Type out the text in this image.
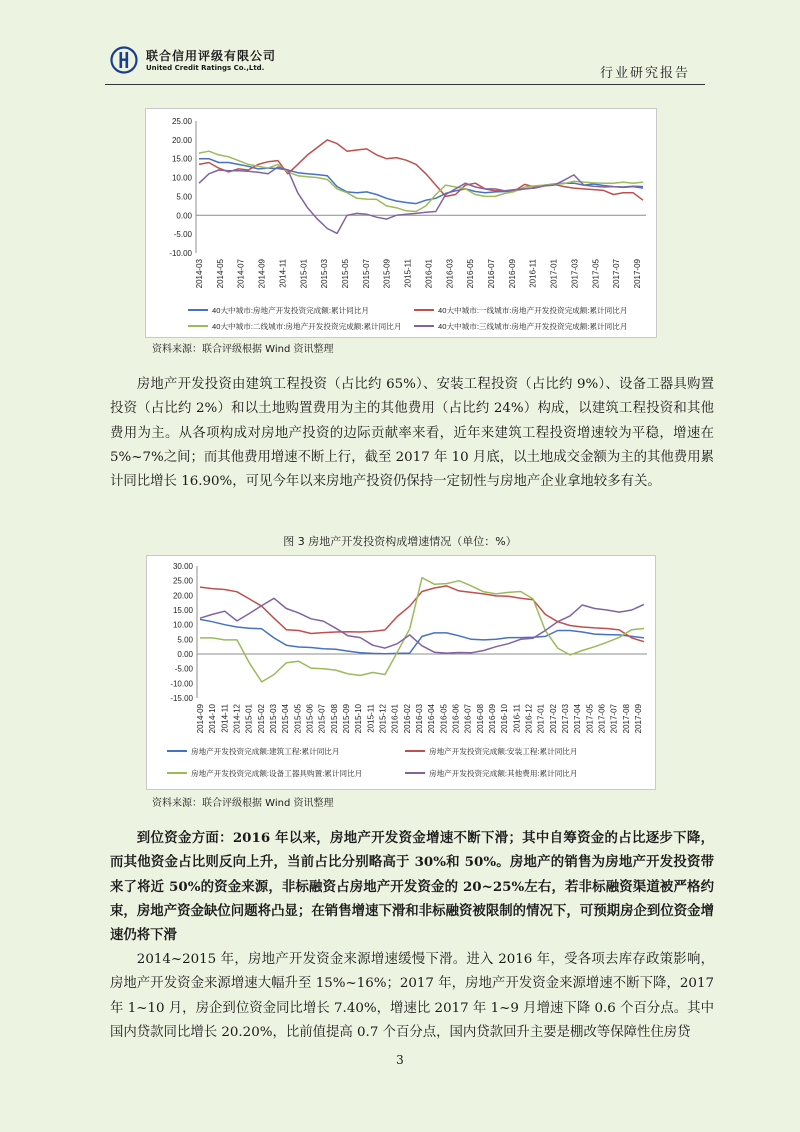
联合信用评级有限公司
United Credit Ratings Co.,Ltd.	行业研究报告
25.00
20.00
15.00
10.00
5.00
0.00
-5.00
-10.00
2014-03 2014-05 2014-07 2014-09 2014-11 2015-01 2015-03 2015-05 2015-07 2015-09 2015-11 2016-01 2016-03 2016-05 2016-07 2016-09 2016-11 2017-01 2017-03 2017-05 2017-07 2017-09
40大中城市:房地产开发投资完成额:累计同比月	40大中城市:一线城市:房地产开发投资完成额:累计同比月
40大中城市:二线城市:房地产开发投资完成额:累计同比月	40大中城市:三线城市:房地产开发投资完成额:累计同比月
资料来源：联合评级根据 Wind 资讯整理
房地产开发投资由建筑工程投资（占比约 65%）、安装工程投资（占比约 9%）、设备工器具购置投资（占比约 2%）和以土地购置费用为主的其他费用（占比约 24%）构成，以建筑工程投资和其他费用为主。从各项构成对房地产投资的边际贡献率来看，近年来建筑工程投资增速较为平稳，增速在 5%~7%之间；而其他费用增速不断上行，截至 2017 年 10 月底，以土地成交金额为主的其他费用累计同比增长 16.90%，可见今年以来房地产投资仍保持一定韧性与房地产企业拿地较多有关。
图 3 房地产开发投资构成增速情况（单位：%）
30.00
25.00
20.00
15.00
10.00
5.00
0.00
-5.00
-10.00
-15.00
2014-09 2014-10 2014-11 2014-12 2015-01 2015-02 2015-03 2015-04 2015-05 2015-06 2015-07 2015-08 2015-09 2015-10 2015-11 2015-12 2016-01 2016-02 2016-03 2016-04 2016-05 2016-06 2016-07 2016-08 2016-09 2016-10 2016-11 2016-12 2017-01 2017-02 2017-03 2017-04 2017-05 2017-06 2017-07 2017-08 2017-09
房地产开发投资完成额:建筑工程:累计同比月	房地产开发投资完成额:安装工程:累计同比月
房地产开发投资完成额:设备工器具购置:累计同比月	房地产开发投资完成额:其他费用:累计同比月
资料来源：联合评级根据 Wind 资讯整理
到位资金方面：2016 年以来，房地产开发资金增速不断下滑；其中自筹资金的占比逐步下降，而其他资金占比则反向上升，当前占比分别略高于 30%和 50%。房地产的销售为房地产开发投资带来了将近 50%的资金来源，非标融资占房地产开发资金的 20~25%左右，若非标融资渠道被严格约束，房地产资金缺位问题将凸显；在销售增速下滑和非标融资被限制的情况下，可预期房企到位资金增速仍将下滑
2014~2015 年，房地产开发资金来源增速缓慢下滑。进入 2016 年，受各项去库存政策影响，房地产开发资金来源增速大幅升至 15%~16%；2017 年，房地产开发资金来源增速不断下降，2017 年 1~10 月，房企到位资金同比增长 7.40%，增速比 2017 年 1~9 月增速下降 0.6 个百分点。其中国内贷款同比增长 20.20%，比前值提高 0.7 个百分点，国内贷款回升主要是棚改等保障性住房贷
3
